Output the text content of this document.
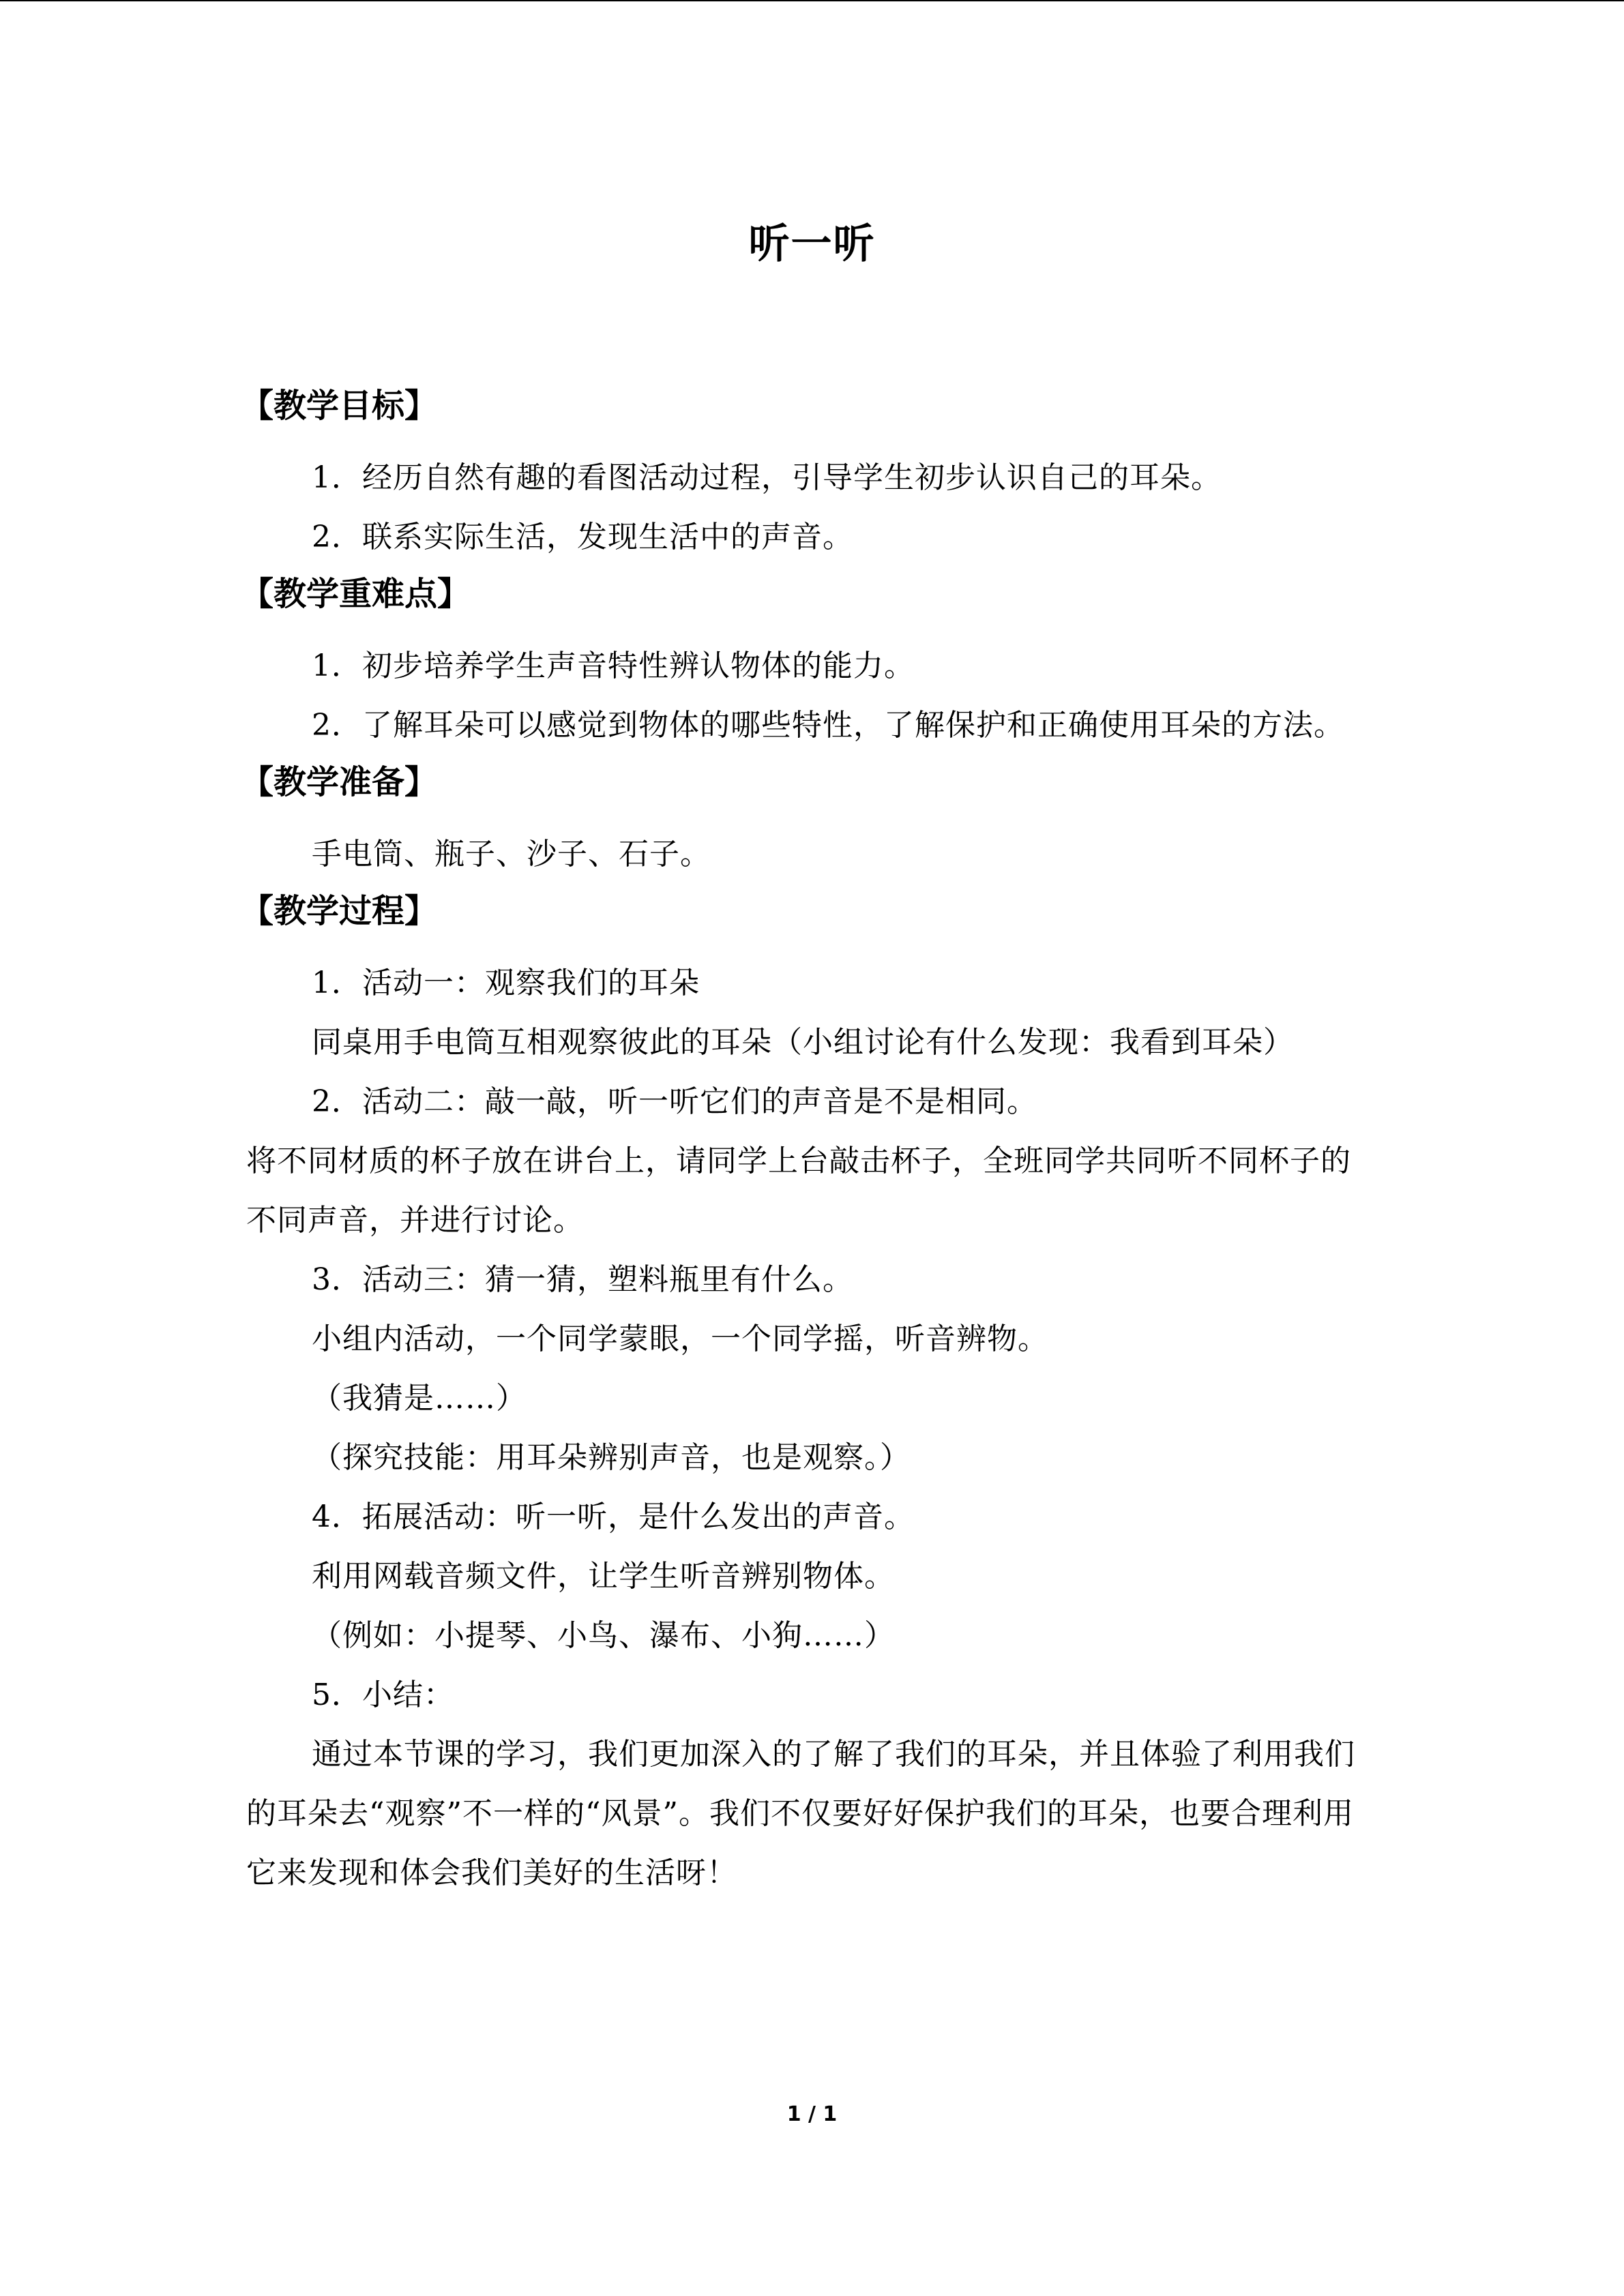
听一听
【教学目标】

1．经历自然有趣的看图活动过程，引导学生初步认识自己的耳朵。

2．联系实际生活，发现生活中的声音。

【教学重难点】

1．初步培养学生声音特性辨认物体的能力。

2．了解耳朵可以感觉到物体的哪些特性，了解保护和正确使用耳朵的方法。

【教学准备】

手电筒、瓶子、沙子、石子。

【教学过程】

1．活动一：观察我们的耳朵

同桌用手电筒互相观察彼此的耳朵（小组讨论有什么发现：我看到耳朵）

2．活动二：敲一敲，听一听它们的声音是不是相同。

将不同材质的杯子放在讲台上，请同学上台敲击杯子，全班同学共同听不同杯子的不同声音，并进行讨论。

3．活动三：猜一猜，塑料瓶里有什么。

小组内活动，一个同学蒙眼，一个同学摇，听音辨物。

（我猜是……）

（探究技能：用耳朵辨别声音，也是观察。）

4．拓展活动：听一听，是什么发出的声音。

利用网载音频文件，让学生听音辨别物体。

（例如：小提琴、小鸟、瀑布、小狗……）

5．小结：

通过本节课的学习，我们更加深入的了解了我们的耳朵，并且体验了利用我们的耳朵去“观察”不一样的“风景”。我们不仅要好好保护我们的耳朵，也要合理利用它来发现和体会我们美好的生活呀！

1 / 1
